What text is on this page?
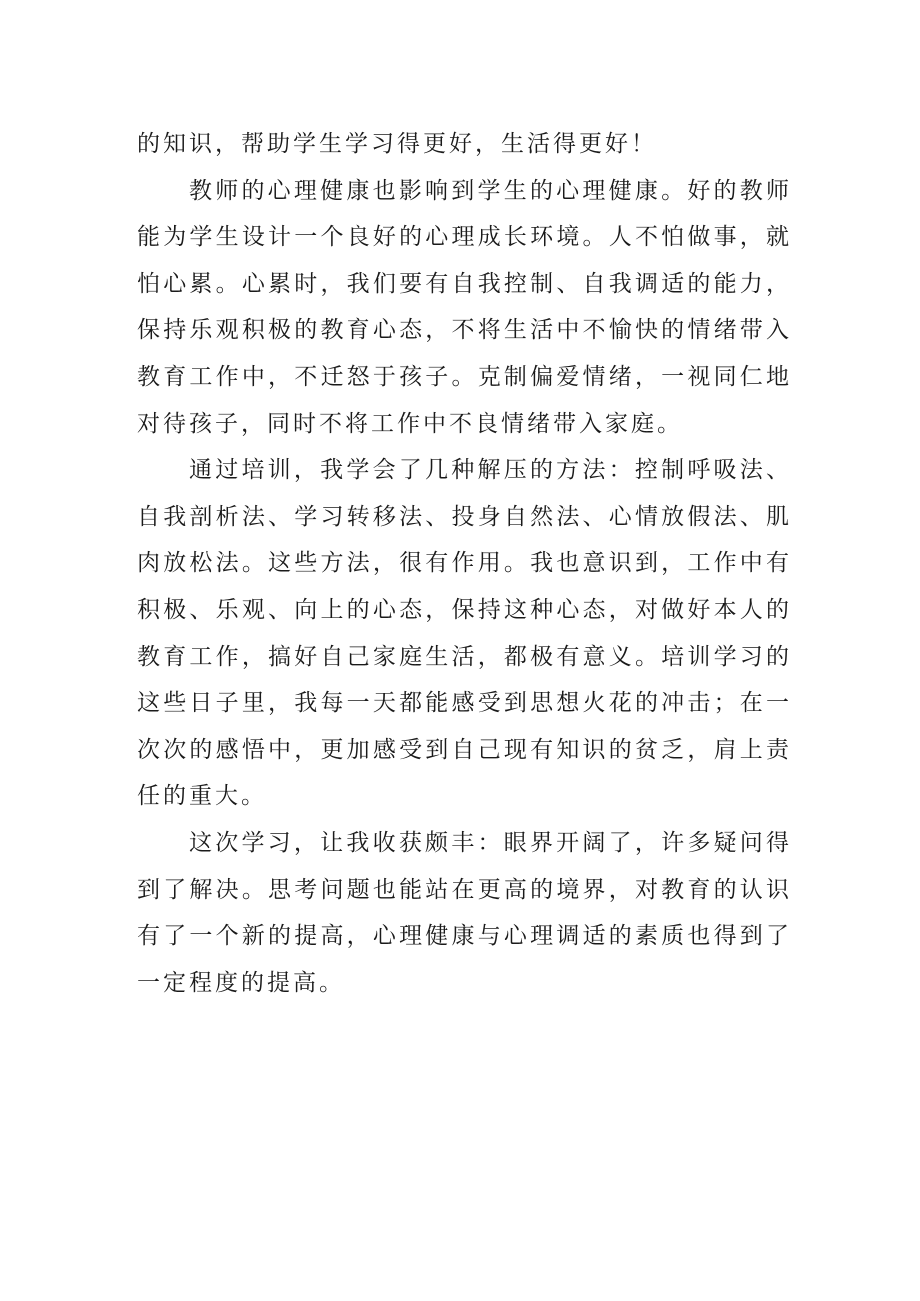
的知识，帮助学生学习得更好，生活得更好！

教师的心理健康也影响到学生的心理健康。好的教师能为学生设计一个良好的心理成长环境。人不怕做事，就怕心累。心累时，我们要有自我控制、自我调适的能力，保持乐观积极的教育心态，不将生活中不愉快的情绪带入教育工作中，不迁怒于孩子。克制偏爱情绪，一视同仁地对待孩子，同时不将工作中不良情绪带入家庭。

通过培训，我学会了几种解压的方法：控制呼吸法、自我剖析法、学习转移法、投身自然法、心情放假法、肌肉放松法。这些方法，很有作用。我也意识到，工作中有积极、乐观、向上的心态，保持这种心态，对做好本人的教育工作，搞好自己家庭生活，都极有意义。培训学习的这些日子里，我每一天都能感受到思想火花的冲击；在一次次的感悟中，更加感受到自己现有知识的贫乏，肩上责任的重大。

这次学习，让我收获颇丰：眼界开阔了，许多疑问得到了解决。思考问题也能站在更高的境界，对教育的认识有了一个新的提高，心理健康与心理调适的素质也得到了一定程度的提高。
